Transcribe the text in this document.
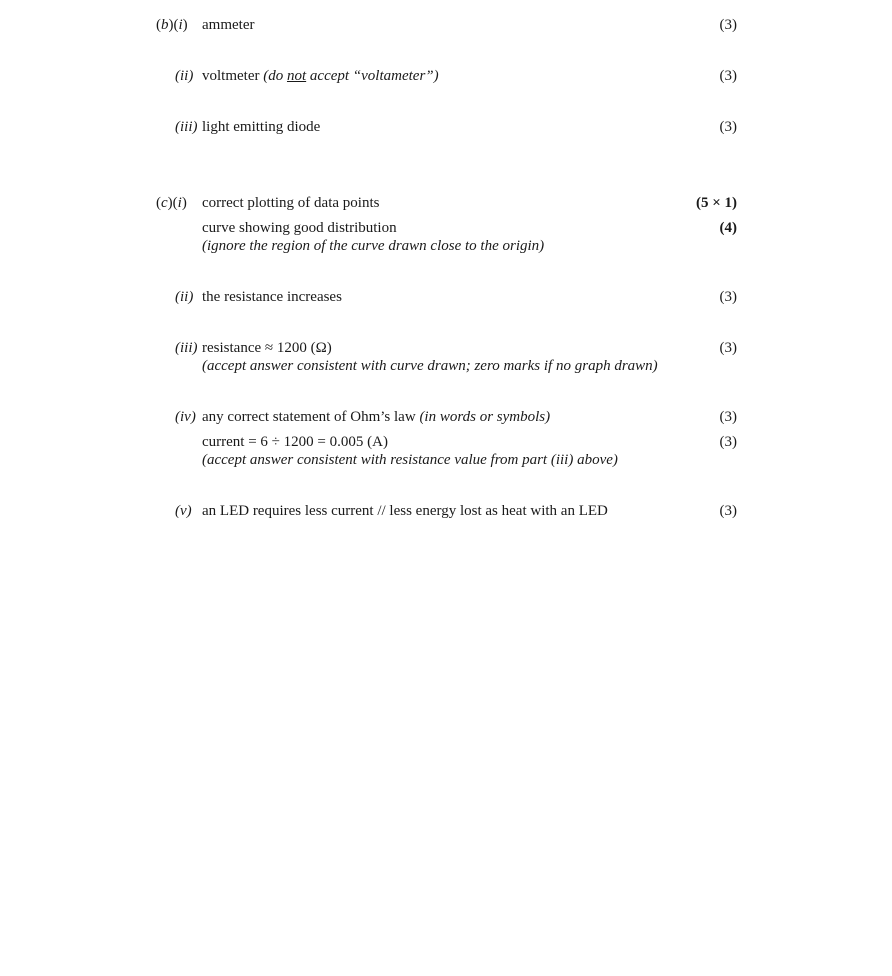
(b)(i) ammeter	(3)
(ii) voltmeter (do not accept “voltameter”)	(3)
(iii) light emitting diode	(3)
(c)(i) correct plotting of data points	(5 × 1)
curve showing good distribution	(4)
(ignore the region of the curve drawn close to the origin)
(ii) the resistance increases	(3)
(iii) resistance ≈ 1200 (Ω)	(3)
(accept answer consistent with curve drawn; zero marks if no graph drawn)
(iv) any correct statement of Ohm’s law (in words or symbols)	(3)
current = 6 ÷ 1200 = 0.005 (A)	(3)
(accept answer consistent with resistance value from part (iii) above)
(v) an LED requires less current // less energy lost as heat with an LED	(3)
